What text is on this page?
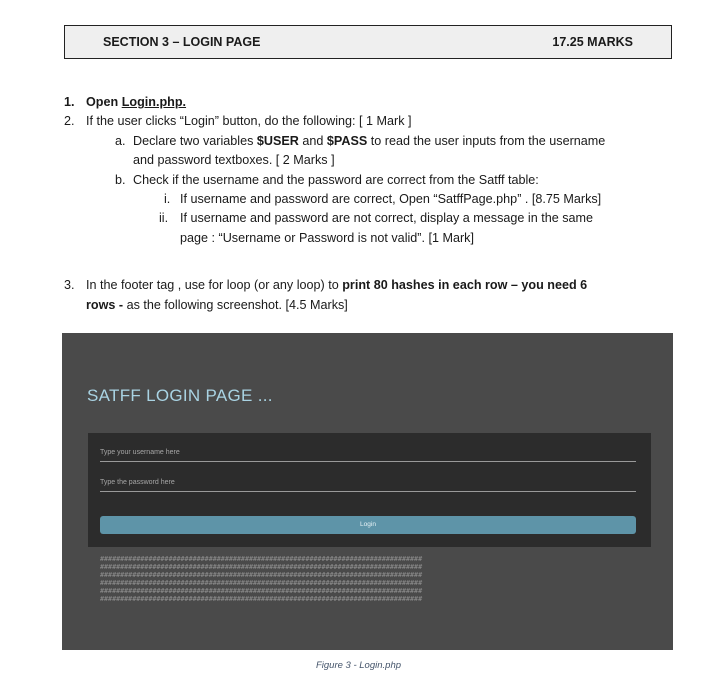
SECTION 3 – LOGIN PAGE	17.25 MARKS
1. Open Login.php.
2. If the user clicks “Login” button, do the following: [ 1 Mark ]
a. Declare two variables $USER and $PASS to read the user inputs from the username
and password textboxes. [ 2 Marks ]
b. Check if the username and the password are correct from the Satff table:
i. If username and password are correct, Open “SatffPage.php” . [8.75 Marks]
ii. If username and password are not correct, display a message in the same
page : “Username or Password is not valid”. [1 Mark]
3. In the footer tag , use for loop (or any loop) to print 80 hashes in each row – you need 6
rows - as the following screenshot. [4.5 Marks]
SATFF LOGIN PAGE ...
Type your username here
Type the password here
Login
################################################################################
################################################################################
################################################################################
################################################################################
################################################################################
################################################################################
Figure 3 - Login.php
